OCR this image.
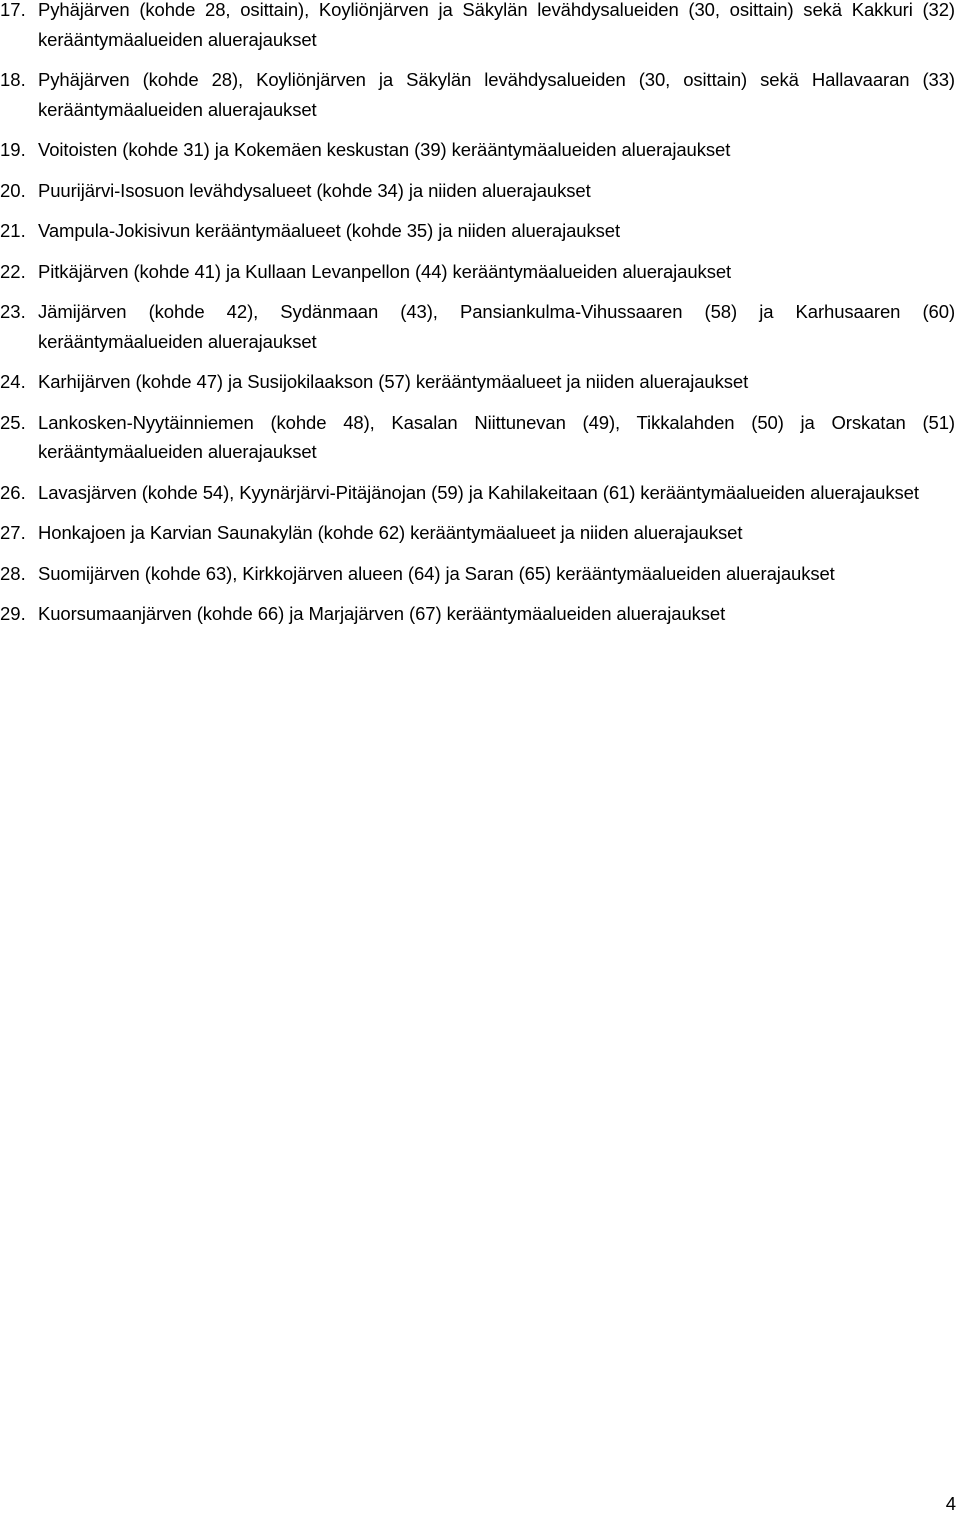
17. Pyhäjärven (kohde 28, osittain), Koyliönjärven ja Säkylän levähdysalueiden (30, osittain) sekä Kakkuri (32) kerääntymäalueiden aluerajaukset
18. Pyhäjärven (kohde 28), Koyliönjärven ja Säkylän levähdysalueiden (30, osittain) sekä Hallavaaran (33) kerääntymäalueiden aluerajaukset
19. Voitoisten (kohde 31) ja Kokemäen keskustan (39) kerääntymäalueiden aluerajaukset
20. Puurijärvi-Isosuon levähdysalueet (kohde 34) ja niiden aluerajaukset
21. Vampula-Jokisivun kerääntymäalueet (kohde 35) ja niiden aluerajaukset
22. Pitkäjärven (kohde 41) ja Kullaan Levanpellon (44) kerääntymäalueiden aluerajaukset
23. Jämijärven (kohde 42), Sydänmaan (43), Pansiankulma-Vihussaaren (58) ja Karhusaaren (60) kerääntymäalueiden aluerajaukset
24. Karhijärven (kohde 47) ja Susijokilaakson (57) kerääntymäalueet ja niiden aluerajaukset
25. Lankosken-Nyytäinniemen (kohde 48), Kasalan Niittunevan (49), Tikkalahden (50) ja Orskatan (51) kerääntymäalueiden aluerajaukset
26. Lavasjärven (kohde 54), Kyynärjärvi-Pitäjänojan (59) ja Kahilakeitaan (61) kerääntymäalueiden aluerajaukset
27. Honkajoen ja Karvian Saunakylän (kohde 62) kerääntymäalueet ja niiden aluerajaukset
28. Suomijärven (kohde 63), Kirkkojärven alueen (64) ja Saran (65) kerääntymäalueiden aluerajaukset
29. Kuorsumaanjärven (kohde 66) ja Marjajärven (67) kerääntymäalueiden aluerajaukset
4
